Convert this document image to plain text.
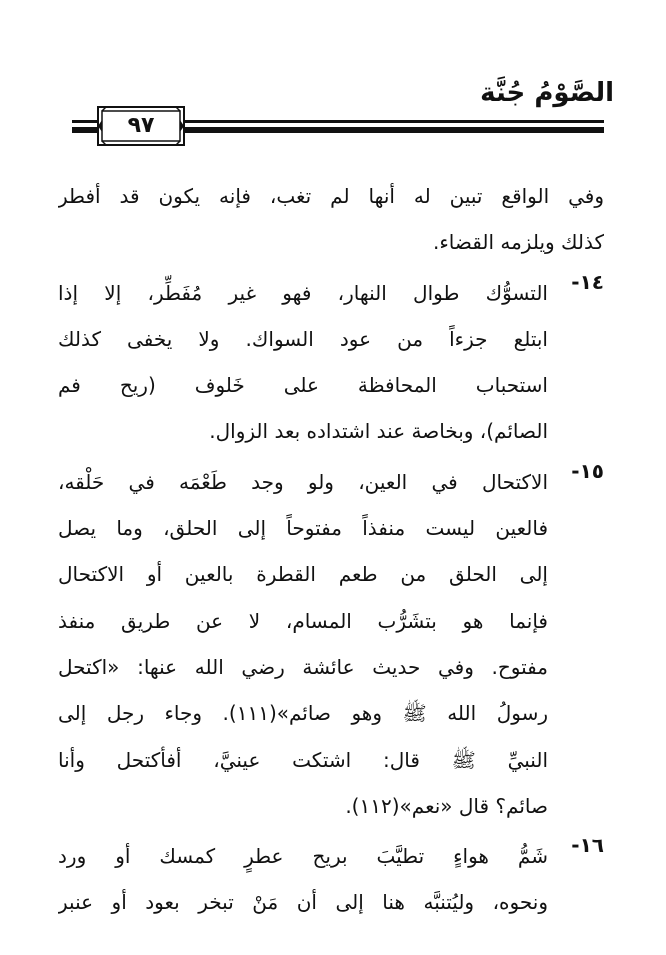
الصَّوْمُ جُنَّة
٩٧
وفي الواقع تبين له أنها لم تغب، فإنه يكون قد أفطر
كذلك ويلزمه القضاء.
١٤-
التسوُّك طوال النهار، فهو غير مُفَطِّر، إلا إذا
ابتلع جزءاً من عود السواك. ولا يخفى كذلك
استحباب المحافظة على خَلوف (ريح فم
الصائم)، وبخاصة عند اشتداده بعد الزوال.
١٥-
الاكتحال في العين، ولو وجد طَعْمَه في حَلْقه،
فالعين ليست منفذاً مفتوحاً إلى الحلق، وما يصل
إلى الحلق من طعم القطرة بالعين أو الاكتحال
فإنما هو بتشَرُّب المسام، لا عن طريق منفذ
مفتوح. وفي حديث عائشة رضي الله عنها: «اكتحل
رسولُ الله ﷺ وهو صائم»(١١١). وجاء رجل إلى
النبيِّ ﷺ قال: اشتكت عينيَّ، أفأكتحل وأنا
صائم؟ قال «نعم»(١١٢).
١٦-
شَمُّ هواءٍ تطيَّبَ بريح عطرٍ كمسك أو ورد
ونحوه، وليُتنبَّه هنا إلى أن مَنْ تبخر بعود أو عنبر
